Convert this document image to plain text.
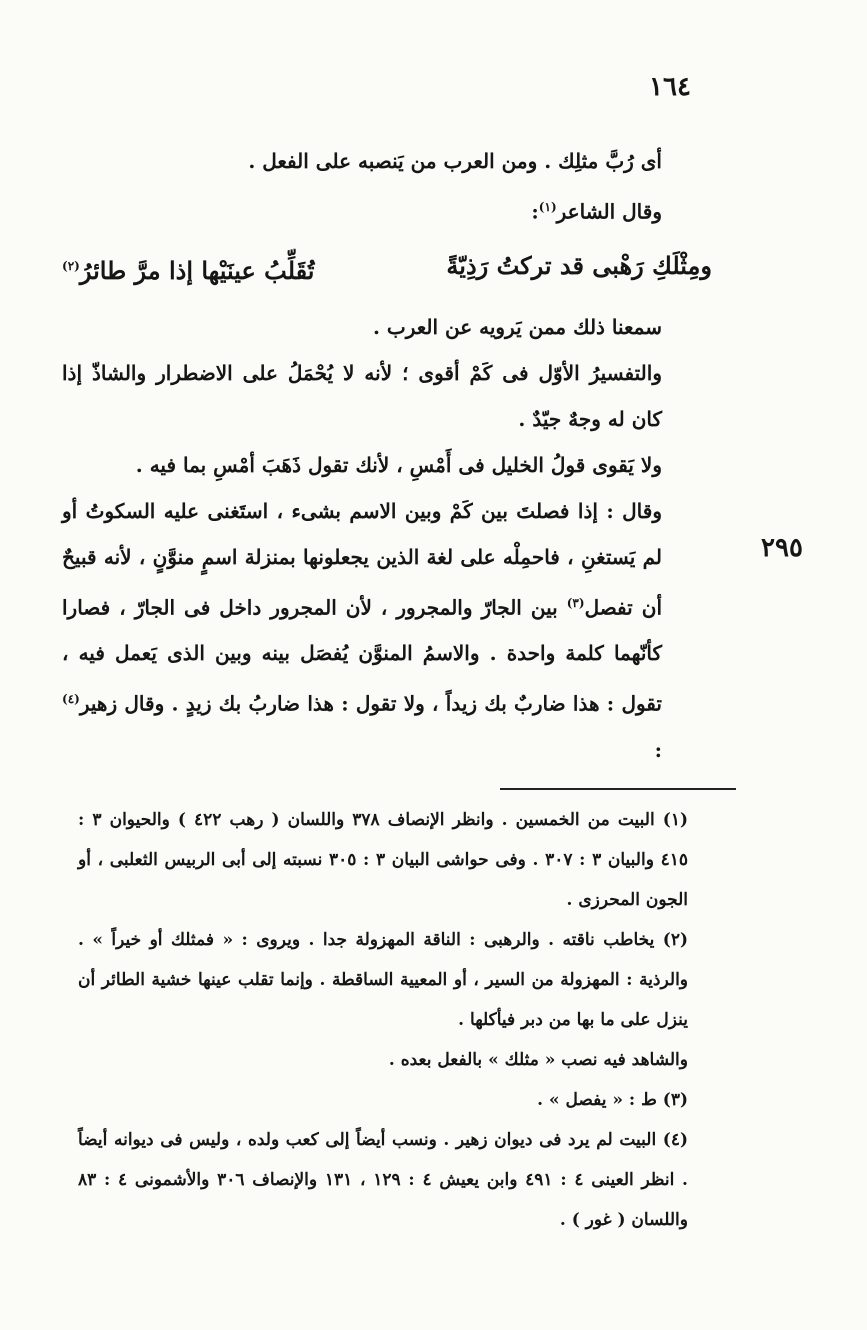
١٦٤
٢٩٥

أى رُبَّ مثلِك . ومن العرب من يَنصبه على الفعل .

وقال الشاعر$^{(١)}$:

ومِثْلَكِ رَهْبى قد تركتُ رَذِيّةً
تُقَلِّبُ عينَيْها إذا مرَّ طائرُ$^{(٢)}$

سمعنا ذلك ممن يَرويه عن العرب .

والتفسيرُ الأوّل فى كَمْ أقوى ؛ لأنه لا يُحْمَلُ على الاضطرار والشاذّ إذا كان له وجهٌ جيّدٌ .

ولا يَقوى قولُ الخليل فى أَمْسِ ، لأنك تقول ذَهَبَ أمْسِ بما فيه .

وقال : إذا فصلتَ بين كَمْ وبين الاسم بشىء ، استَغنى عليه السكوتُ أو لم يَستغنِ ، فاحمِلْه على لغة الذين يجعلونها بمنزلة اسمٍ منوَّنٍ ، لأنه قبيحٌ أن تفصل$^{(٣)}$ بين الجارّ والمجرور ، لأن المجرور داخل فى الجارّ ، فصارا كأنّهما كلمة واحدة . والاسمُ المنوَّن يُفصَل بينه وبين الذى يَعمل فيه ، تقول : هذا ضاربٌ بك زيداً ، ولا تقول : هذا ضاربُ بك زيدٍ . وقال زهير$^{(٤)}$ :

(١) البيت من الخمسين . وانظر الإنصاف ٣٧٨ واللسان ( رهب ٤٢٢ ) والحيوان ٣ : ٤١٥ والبيان ٣ : ٣٠٧ . وفى حواشى البيان ٣ : ٣٠٥ نسبته إلى أبى الربيس الثعلبى ، أو الجون المحرزى .

(٢) يخاطب ناقته . والرهبى : الناقة المهزولة جدا . ويروى : « فمثلك أو خيراً » . والرذية : المهزولة من السير ، أو المعيية الساقطة . وإنما تقلب عينها خشية الطائر أن ينزل على ما بها من دبر فيأكلها .

والشاهد فيه نصب « مثلك » بالفعل بعده .

(٣) ط : « يفصل » .

(٤) البيت لم يرد فى ديوان زهير . ونسب أيضاً إلى كعب ولده ، وليس فى ديوانه أيضاً . انظر العينى ٤ : ٤٩١ وابن يعيش ٤ : ١٢٩ ، ١٣١ والإنصاف ٣٠٦ والأشمونى ٤ : ٨٣ واللسان ( غور ) .
